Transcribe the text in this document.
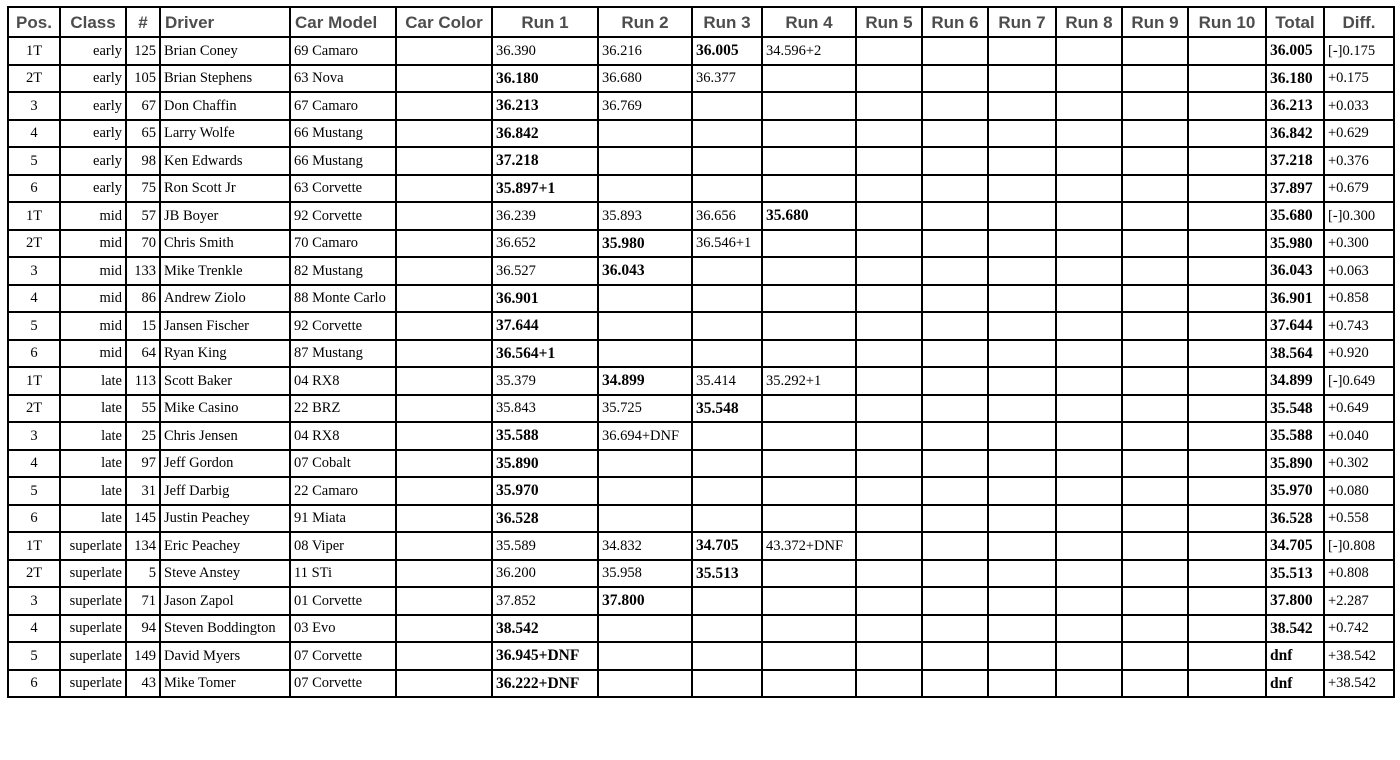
Pos.	Class	#	Driver	Car Model	Car Color	Run 1	Run 2	Run 3	Run 4	Run 5	Run 6	Run 7	Run 8	Run 9	Run 10	Total	Diff.
1T	early	125	Brian Coney	69 Camaro		36.390	36.216	36.005	34.596+2							36.005	[-]0.175
2T	early	105	Brian Stephens	63 Nova		36.180	36.680	36.377								36.180	+0.175
3	early	67	Don Chaffin	67 Camaro		36.213	36.769									36.213	+0.033
4	early	65	Larry Wolfe	66 Mustang		36.842										36.842	+0.629
5	early	98	Ken Edwards	66 Mustang		37.218										37.218	+0.376
6	early	75	Ron Scott Jr	63 Corvette		35.897+1										37.897	+0.679
1T	mid	57	JB Boyer	92 Corvette		36.239	35.893	36.656	35.680							35.680	[-]0.300
2T	mid	70	Chris Smith	70 Camaro		36.652	35.980	36.546+1								35.980	+0.300
3	mid	133	Mike Trenkle	82 Mustang		36.527	36.043									36.043	+0.063
4	mid	86	Andrew Ziolo	88 Monte Carlo		36.901										36.901	+0.858
5	mid	15	Jansen Fischer	92 Corvette		37.644										37.644	+0.743
6	mid	64	Ryan King	87 Mustang		36.564+1										38.564	+0.920
1T	late	113	Scott Baker	04 RX8		35.379	34.899	35.414	35.292+1							34.899	[-]0.649
2T	late	55	Mike Casino	22 BRZ		35.843	35.725	35.548								35.548	+0.649
3	late	25	Chris Jensen	04 RX8		35.588	36.694+DNF									35.588	+0.040
4	late	97	Jeff Gordon	07 Cobalt		35.890										35.890	+0.302
5	late	31	Jeff Darbig	22 Camaro		35.970										35.970	+0.080
6	late	145	Justin Peachey	91 Miata		36.528										36.528	+0.558
1T	superlate	134	Eric Peachey	08 Viper		35.589	34.832	34.705	43.372+DNF							34.705	[-]0.808
2T	superlate	5	Steve Anstey	11 STi		36.200	35.958	35.513								35.513	+0.808
3	superlate	71	Jason Zapol	01 Corvette		37.852	37.800									37.800	+2.287
4	superlate	94	Steven Boddington	03 Evo		38.542										38.542	+0.742
5	superlate	149	David Myers	07 Corvette		36.945+DNF										dnf	+38.542
6	superlate	43	Mike Tomer	07 Corvette		36.222+DNF										dnf	+38.542
